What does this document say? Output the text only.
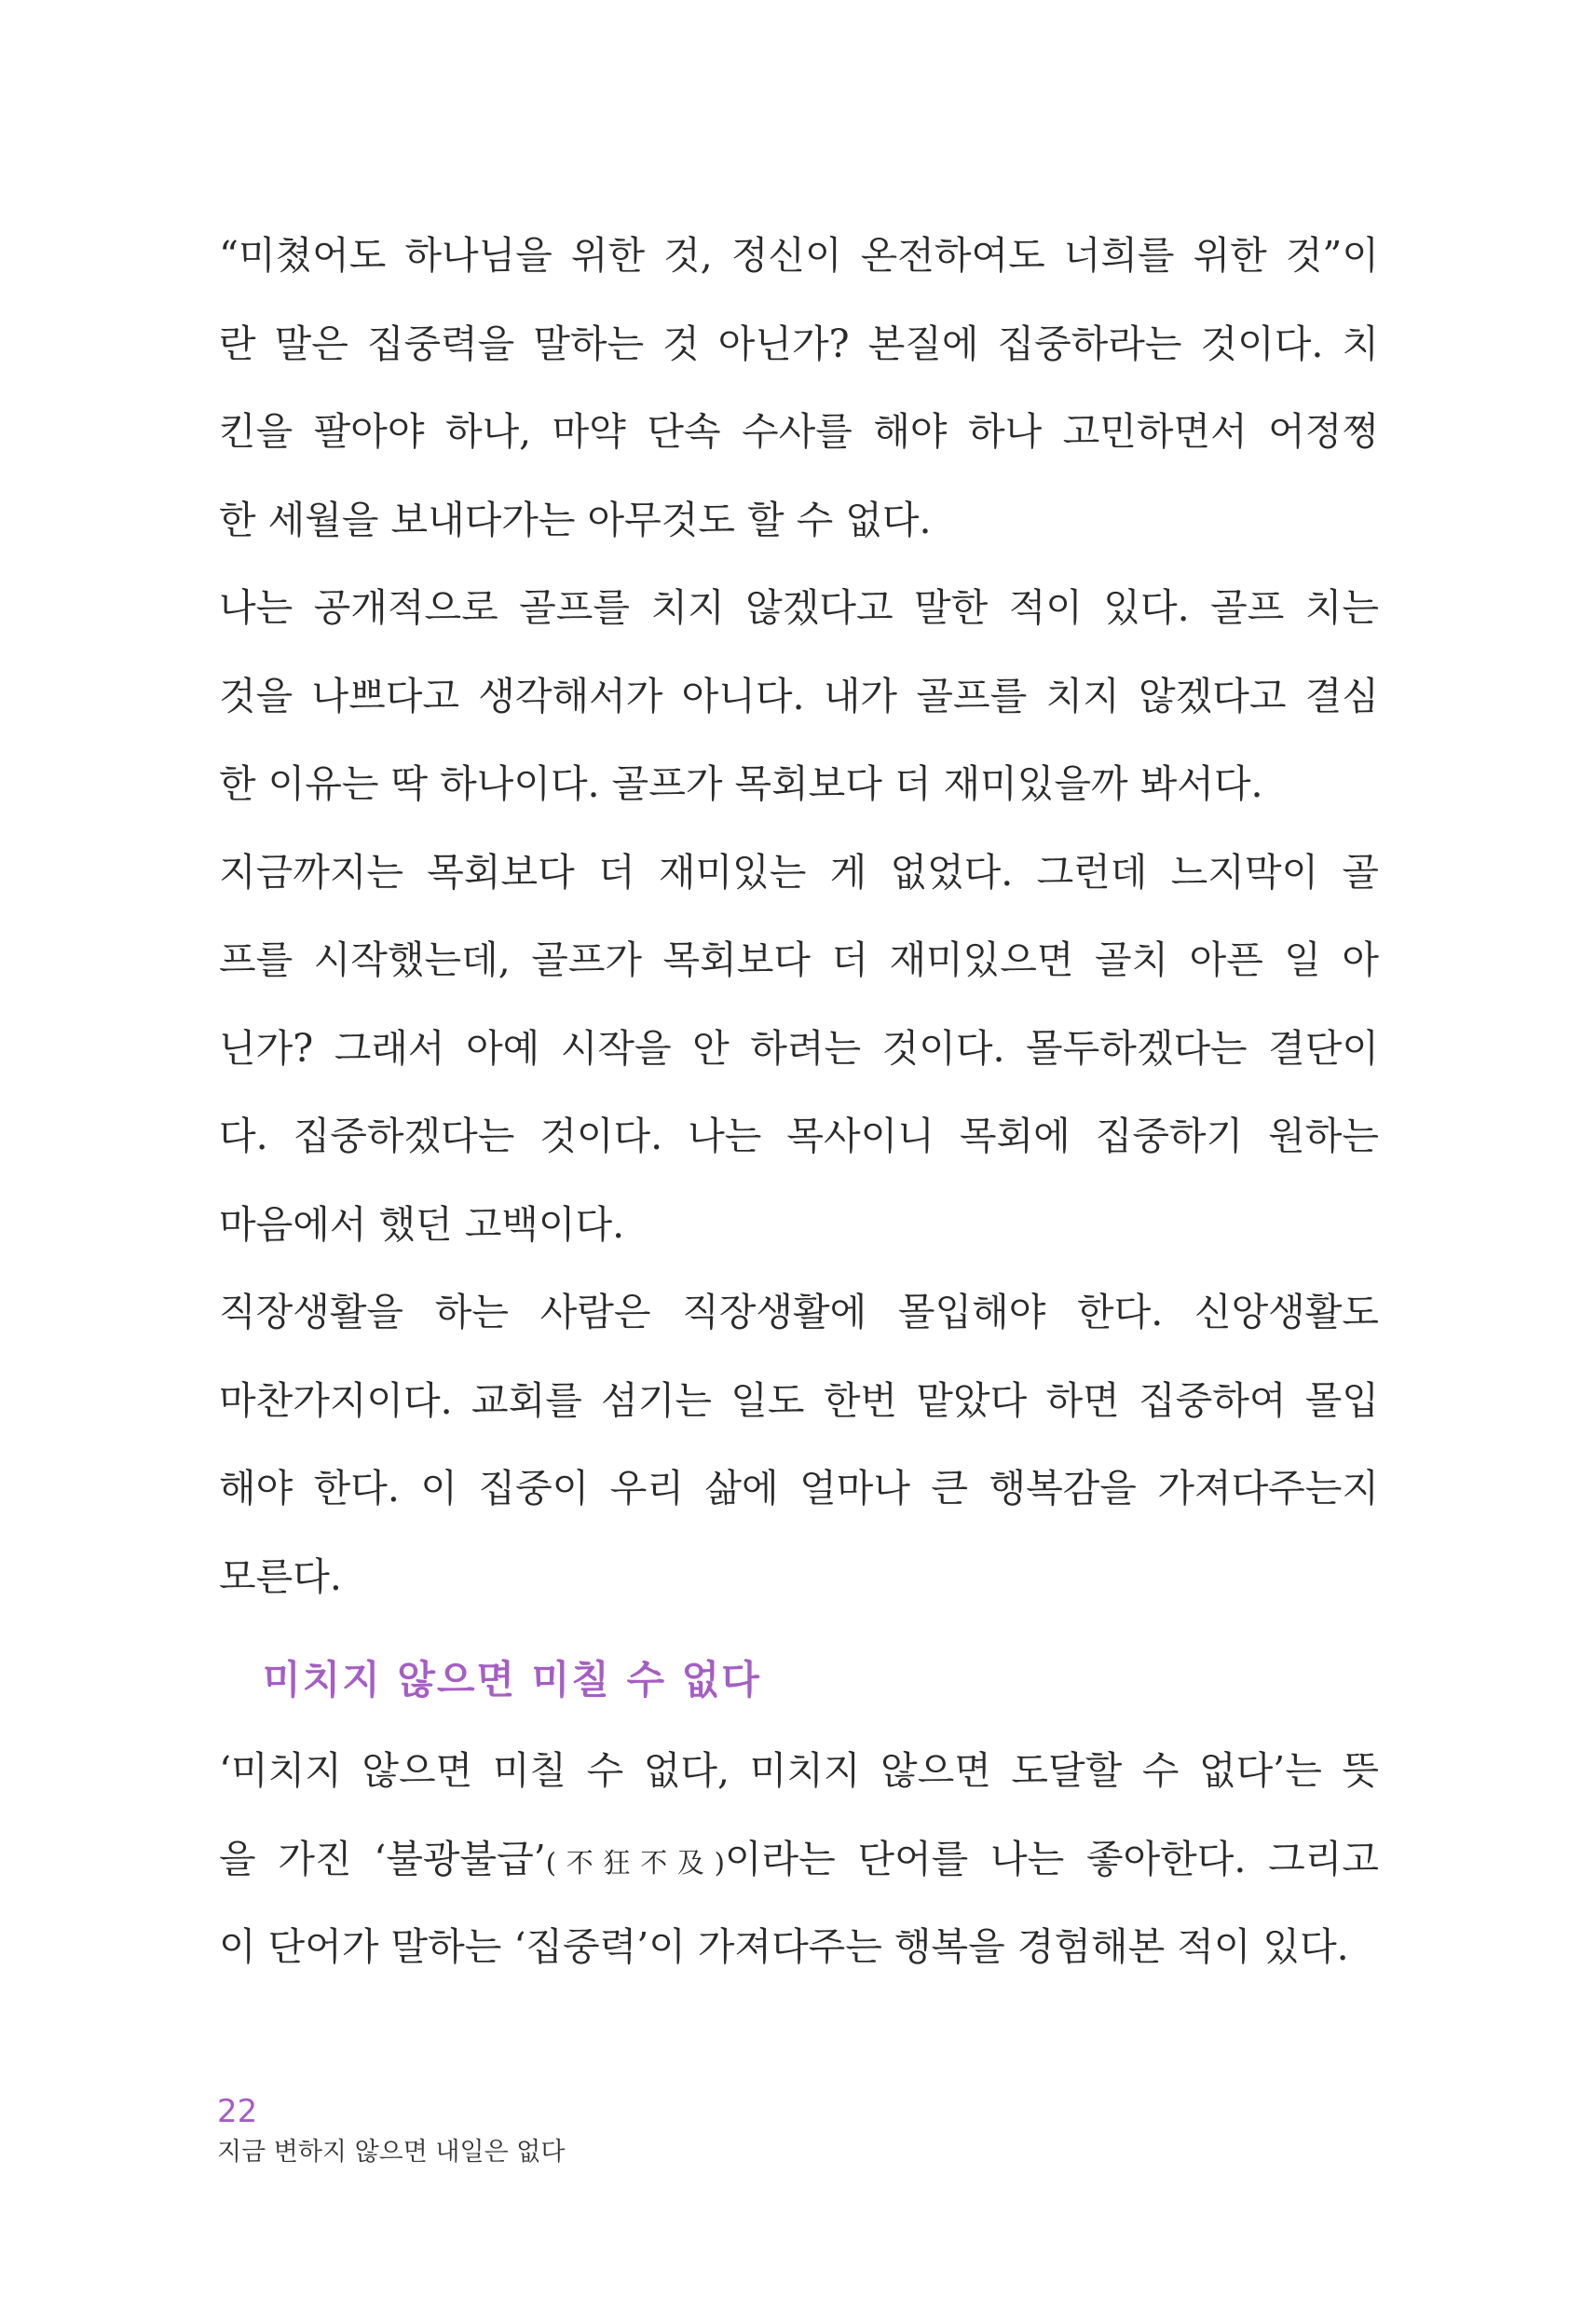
“미쳤어도 하나님을 위한 것, 정신이 온전하여도 너희를 위한 것”이
란 말은 집중력을 말하는 것 아닌가? 본질에 집중하라는 것이다. 치
킨을 팔아야 하나, 마약 단속 수사를 해야 하나 고민하면서 어정쩡
한 세월을 보내다가는 아무것도 할 수 없다.
나는 공개적으로 골프를 치지 않겠다고 말한 적이 있다. 골프 치는
것을 나쁘다고 생각해서가 아니다. 내가 골프를 치지 않겠다고 결심
한 이유는 딱 하나이다. 골프가 목회보다 더 재미있을까 봐서다.
지금까지는 목회보다 더 재미있는 게 없었다. 그런데 느지막이 골
프를 시작했는데, 골프가 목회보다 더 재미있으면 골치 아픈 일 아
닌가? 그래서 아예 시작을 안 하려는 것이다. 몰두하겠다는 결단이
다. 집중하겠다는 것이다. 나는 목사이니 목회에 집중하기 원하는
마음에서 했던 고백이다.
직장생활을 하는 사람은 직장생활에 몰입해야 한다. 신앙생활도
마찬가지이다. 교회를 섬기는 일도 한번 맡았다 하면 집중하여 몰입
해야 한다. 이 집중이 우리 삶에 얼마나 큰 행복감을 가져다주는지
모른다.
미치지 않으면 미칠 수 없다
‘미치지 않으면 미칠 수 없다, 미치지 않으면 도달할 수 없다’는 뜻
을 가진 ‘불광불급’(不狂不及)이라는 단어를 나는 좋아한다. 그리고
이 단어가 말하는 ‘집중력’이 가져다주는 행복을 경험해본 적이 있다.
22
지금 변하지 않으면 내일은 없다
